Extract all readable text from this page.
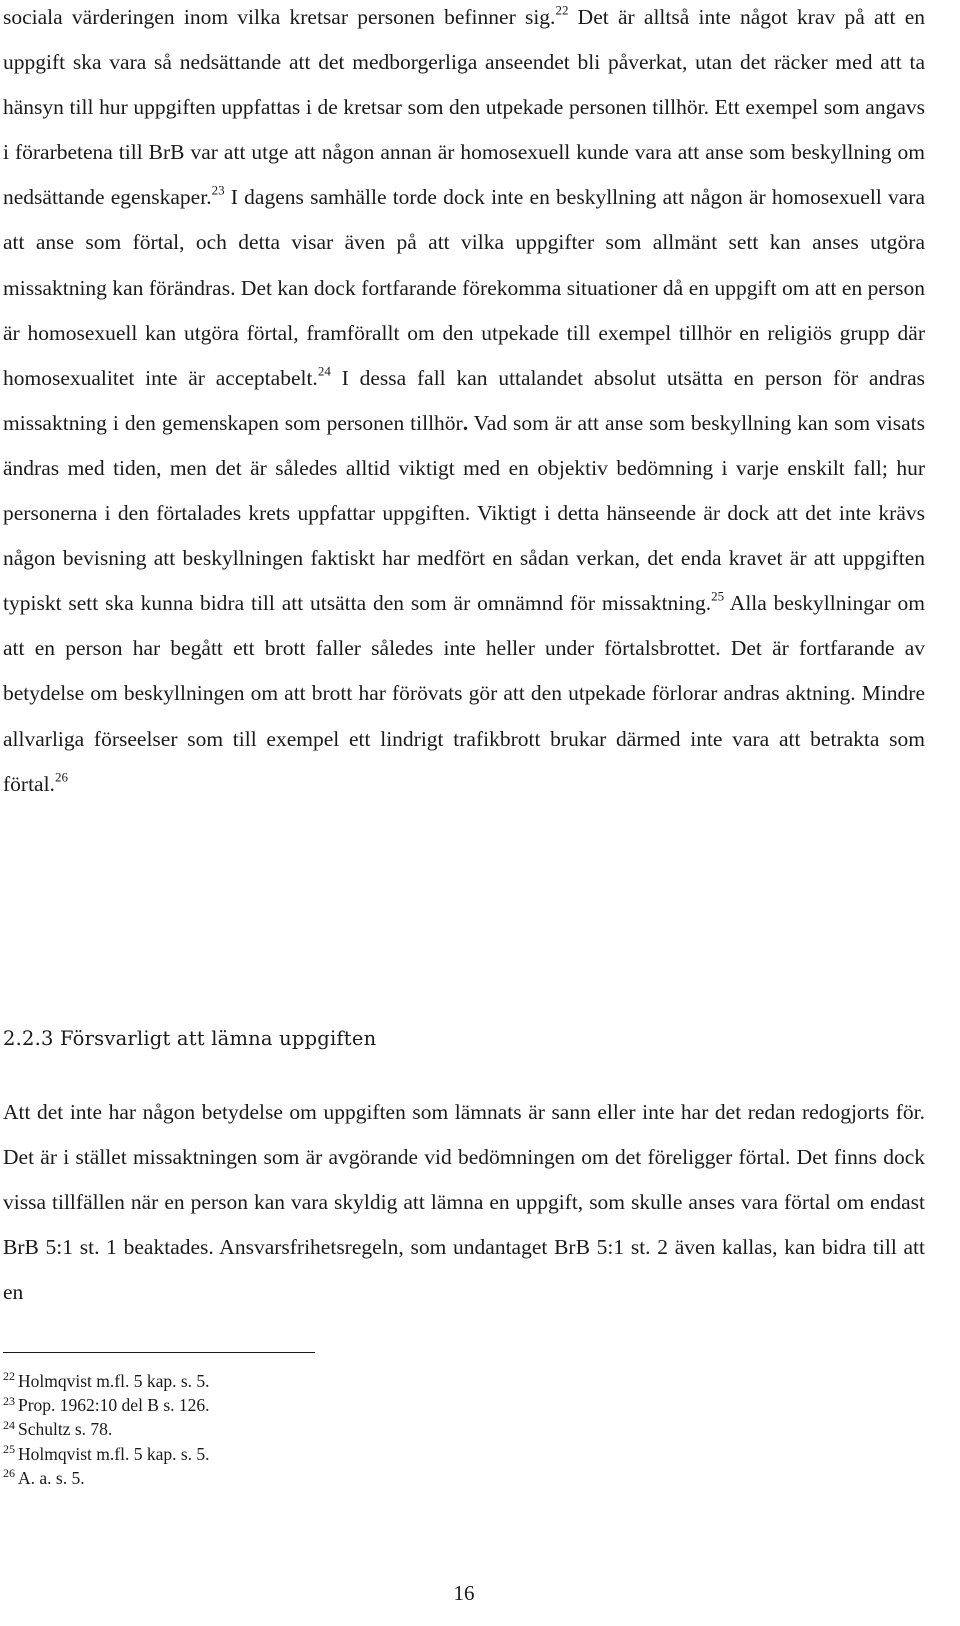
sociala värderingen inom vilka kretsar personen befinner sig.$^{22}$ Det är alltså inte något krav på att en uppgift ska vara så nedsättande att det medborgerliga anseendet bli påverkat, utan det räcker med att ta hänsyn till hur uppgiften uppfattas i de kretsar som den utpekade personen tillhör. Ett exempel som angavs i förarbetena till BrB var att utge att någon annan är homosexuell kunde vara att anse som beskyllning om nedsättande egenskaper.$^{23}$ I dagens samhälle torde dock inte en beskyllning att någon är homosexuell vara att anse som förtal, och detta visar även på att vilka uppgifter som allmänt sett kan anses utgöra missaktning kan förändras. Det kan dock fortfarande förekomma situationer då en uppgift om att en person är homosexuell kan utgöra förtal, framförallt om den utpekade till exempel tillhör en religiös grupp där homosexualitet inte är acceptabelt.$^{24}$ I dessa fall kan uttalandet absolut utsätta en person för andras missaktning i den gemenskapen som personen tillhör. Vad som är att anse som beskyllning kan som visats ändras med tiden, men det är således alltid viktigt med en objektiv bedömning i varje enskilt fall; hur personerna i den förtalades krets uppfattar uppgiften. Viktigt i detta hänseende är dock att det inte krävs någon bevisning att beskyllningen faktiskt har medfört en sådan verkan, det enda kravet är att uppgiften typiskt sett ska kunna bidra till att utsätta den som är omnämnd för missaktning.$^{25}$ Alla beskyllningar om att en person har begått ett brott faller således inte heller under förtalsbrottet. Det är fortfarande av betydelse om beskyllningen om att brott har förövats gör att den utpekade förlorar andras aktning. Mindre allvarliga förseelser som till exempel ett lindrigt trafikbrott brukar därmed inte vara att betrakta som förtal.$^{26}$

2.2.3 Försvarligt att lämna uppgiften

Att det inte har någon betydelse om uppgiften som lämnats är sann eller inte har det redan redogjorts för. Det är i stället missaktningen som är avgörande vid bedömningen om det föreligger förtal. Det finns dock vissa tillfällen när en person kan vara skyldig att lämna en uppgift, som skulle anses vara förtal om endast BrB 5:1 st. 1 beaktades. Ansvarsfrihetsregeln, som undantaget BrB 5:1 st. 2 även kallas, kan bidra till att en

$^{22}$ Holmqvist m.fl. 5 kap. s. 5.
$^{23}$ Prop. 1962:10 del B s. 126.
$^{24}$ Schultz s. 78.
$^{25}$ Holmqvist m.fl. 5 kap. s. 5.
$^{26}$ A. a. s. 5.
16
